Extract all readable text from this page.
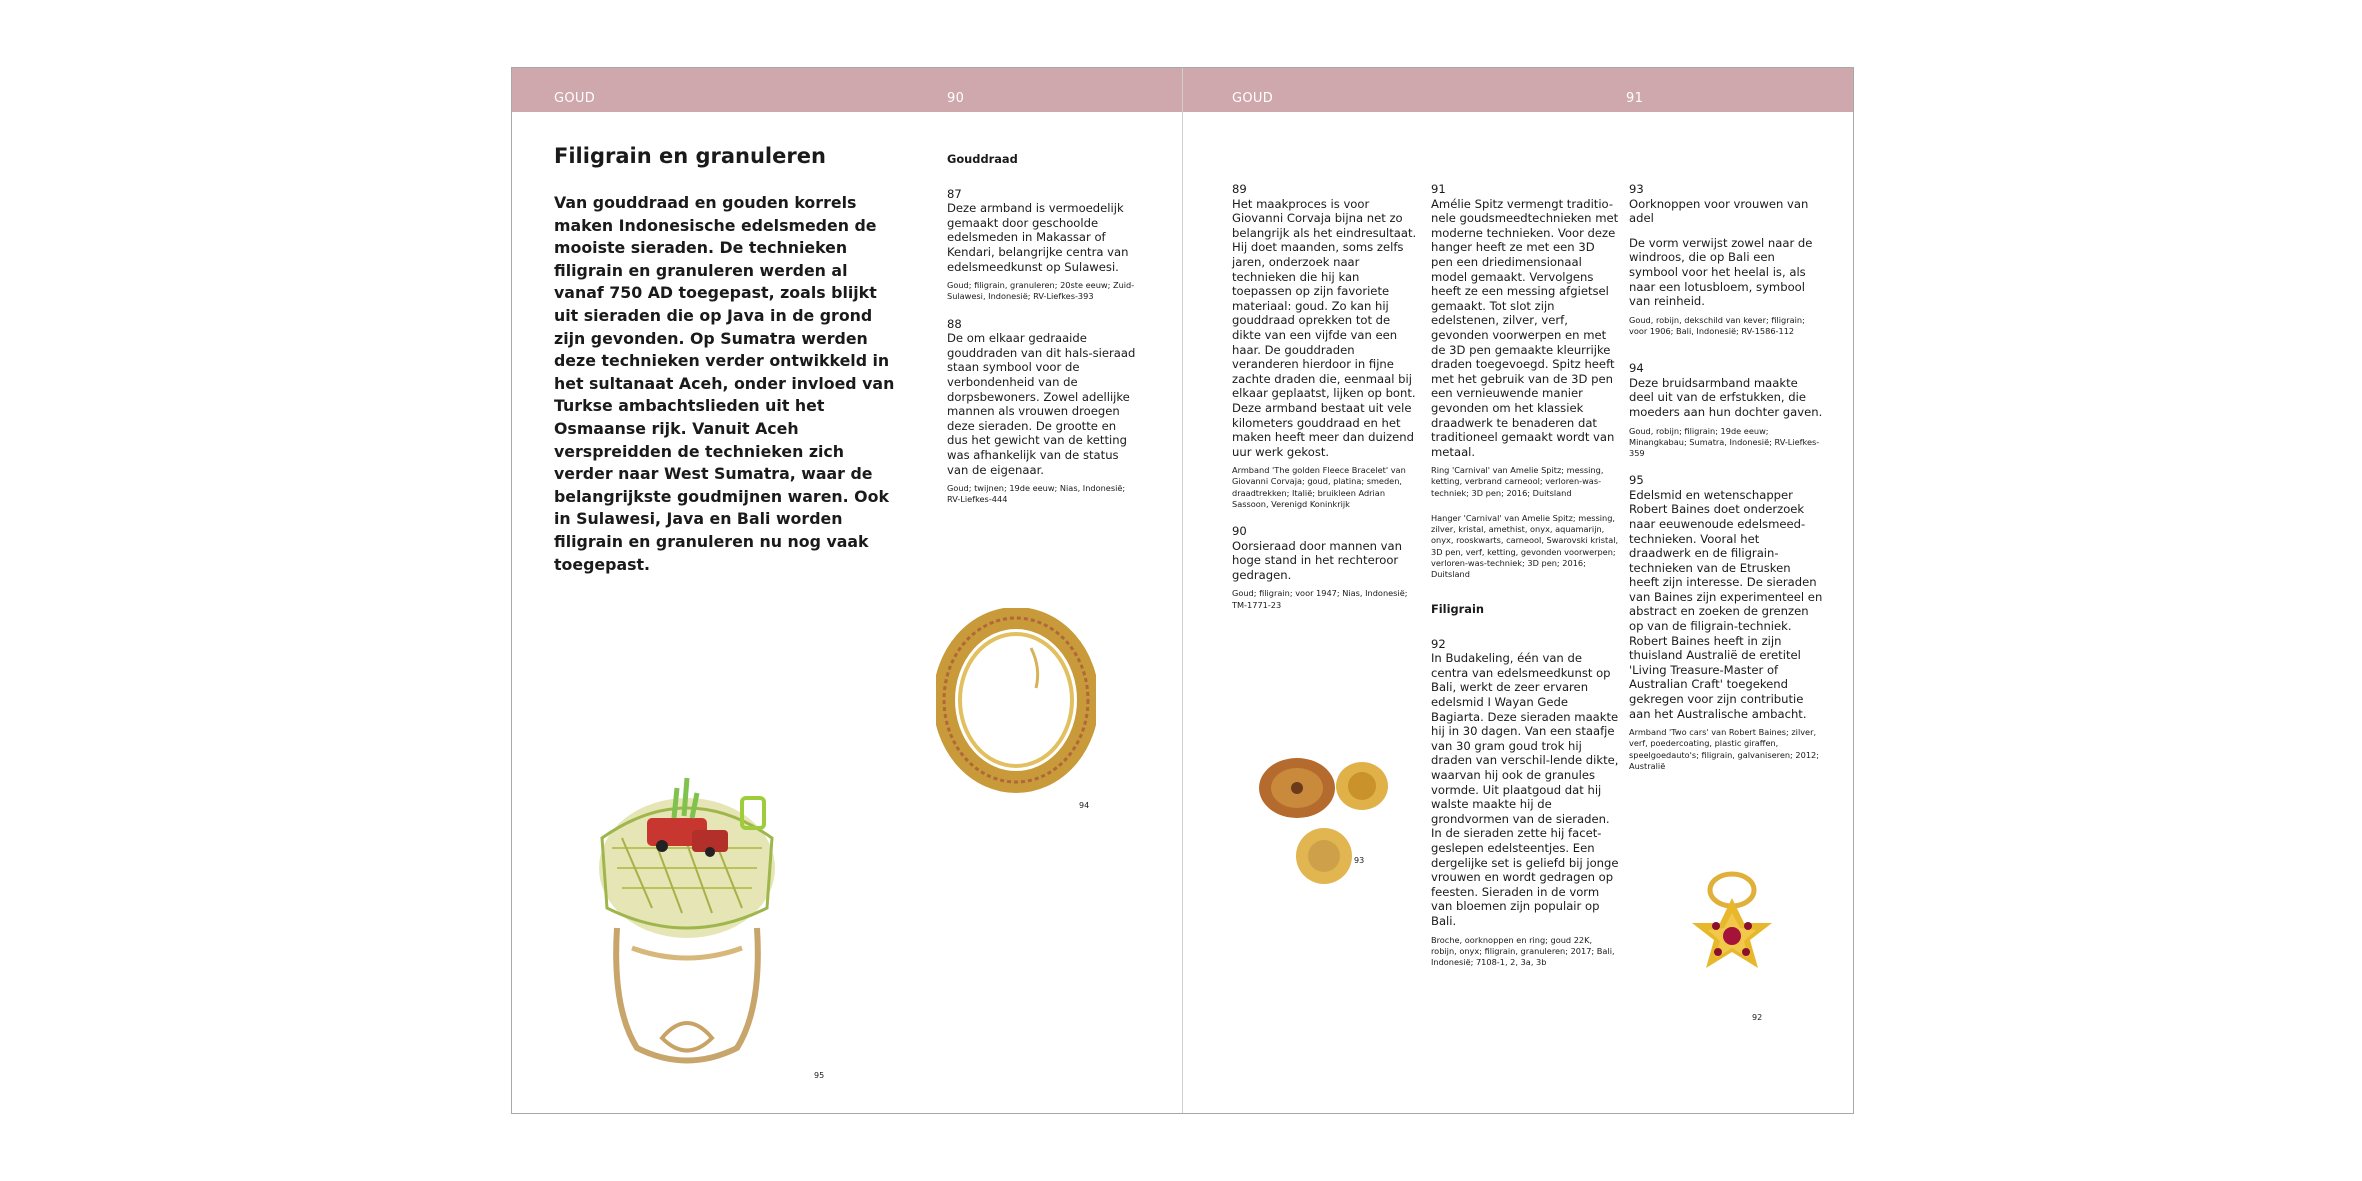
GOUD	90	GOUD	91
Filigrain en granuleren
Van gouddraad en gouden korrels maken Indonesische edelsmeden de mooiste sieraden. De technieken filigrain en granuleren werden al vanaf 750 AD toegepast, zoals blijkt uit sieraden die op Java in de grond zijn gevonden. Op Sumatra werden deze technieken verder ontwikkeld in het sultanaat Aceh, onder invloed van Turkse ambachtslieden uit het Osmaanse rijk. Vanuit Aceh verspreidden de technieken zich verder naar West Sumatra, waar de belangrijkste goudmijnen waren. Ook in Sulawesi, Java en Bali worden filigrain en granuleren nu nog vaak toegepast.
Gouddraad
87

Deze armband is vermoedelijk gemaakt door geschoolde edelsmeden in Makassar of Kendari, belangrijke centra van edelsmeedkunst op Sulawesi.

Goud; filigrain, granuleren; 20ste eeuw; Zuid-Sulawesi, Indonesië; RV-Liefkes-393
88

De om elkaar gedraaide gouddraden van dit hals-sieraad staan symbool voor de verbondenheid van de dorpsbewoners. Zowel adellijke mannen als vrouwen droegen deze sieraden. De grootte en dus het gewicht van de ketting was afhankelijk van de status van de eigenaar.

Goud; twijnen; 19de eeuw; Nias, Indonesië; RV-Liefkes-444
89

Het maakproces is voor Giovanni Corvaja bijna net zo belangrijk als het eindresultaat. Hij doet maanden, soms zelfs jaren, onderzoek naar technieken die hij kan toepassen op zijn favoriete materiaal: goud. Zo kan hij gouddraad oprekken tot de dikte van een vijfde van een haar. De gouddraden veranderen hierdoor in fijne zachte draden die, eenmaal bij elkaar geplaatst, lijken op bont. Deze armband bestaat uit vele kilometers gouddraad en het maken heeft meer dan duizend uur werk gekost.

Armband 'The golden Fleece Bracelet' van Giovanni Corvaja; goud, platina; smeden, draadtrekken; Italië; bruikleen Adrian Sassoon, Verenigd Koninkrijk
90

Oorsieraad door mannen van hoge stand in het rechteroor gedragen.

Goud; filigrain; voor 1947; Nias, Indonesië; TM-1771-23
91

Amélie Spitz vermengt traditio-nele goudsmeedtechnieken met moderne technieken. Voor deze hanger heeft ze met een 3D pen een driedimensionaal model gemaakt. Vervolgens heeft ze een messing afgietsel gemaakt. Tot slot zijn edelstenen, zilver, verf, gevonden voorwerpen en met de 3D pen gemaakte kleurrijke draden toegevoegd. Spitz heeft met het gebruik van de 3D pen een vernieuwende manier gevonden om het klassiek draadwerk te benaderen dat traditioneel gemaakt wordt van metaal.

Ring 'Carnival' van Amelie Spitz; messing, ketting, verbrand carneool; verloren-was-techniek; 3D pen; 2016; Duitsland
Hanger 'Carnival' van Amelie Spitz; messing, zilver, kristal, amethist, onyx, aquamarijn, onyx, rooskwarts, carneool, Swarovski kristal, 3D pen, verf, ketting, gevonden voorwerpen; verloren-was-techniek; 3D pen; 2016; Duitsland
Filigrain
92

In Budakeling, één van de centra van edelsmeedkunst op Bali, werkt de zeer ervaren edelsmid I Wayan Gede Bagiarta. Deze sieraden maakte hij in 30 dagen. Van een staafje van 30 gram goud trok hij draden van verschil-lende dikte, waarvan hij ook de granules vormde. Uit plaatgoud dat hij walste maakte hij de grondvormen van de sieraden. In de sieraden zette hij facet-geslepen edelsteentjes. Een dergelijke set is geliefd bij jonge vrouwen en wordt gedragen op feesten. Sieraden in de vorm van bloemen zijn populair op Bali.

Broche, oorknoppen en ring; goud 22K, robijn, onyx; filigrain, granuleren; 2017; Bali, Indonesië; 7108-1, 2, 3a, 3b
93

Oorknoppen voor vrouwen van adel

De vorm verwijst zowel naar de windroos, die op Bali een symbool voor het heelal is, als naar een lotusbloem, symbool van reinheid.

Goud, robijn, dekschild van kever; filigrain; voor 1906; Bali, Indonesië; RV-1586-112
94

Deze bruidsarmband maakte deel uit van de erfstukken, die moeders aan hun dochter gaven.

Goud, robijn; filigrain; 19de eeuw; Minangkabau; Sumatra, Indonesië; RV-Liefkes-359
95

Edelsmid en wetenschapper Robert Baines doet onderzoek naar eeuwenoude edelsmeed-technieken. Vooral het draadwerk en de filigrain-technieken van de Etrusken heeft zijn interesse. De sieraden van Baines zijn experimenteel en abstract en zoeken de grenzen op van de filigrain-techniek. Robert Baines heeft in zijn thuisland Australië de eretitel 'Living Treasure-Master of Australian Craft' toegekend gekregen voor zijn contributie aan het Australische ambacht.

Armband 'Two cars' van Robert Baines; zilver, verf, poedercoating, plastic giraffen, speelgoedauto's; filigrain, galvaniseren; 2012; Australië
95
94
93
92
